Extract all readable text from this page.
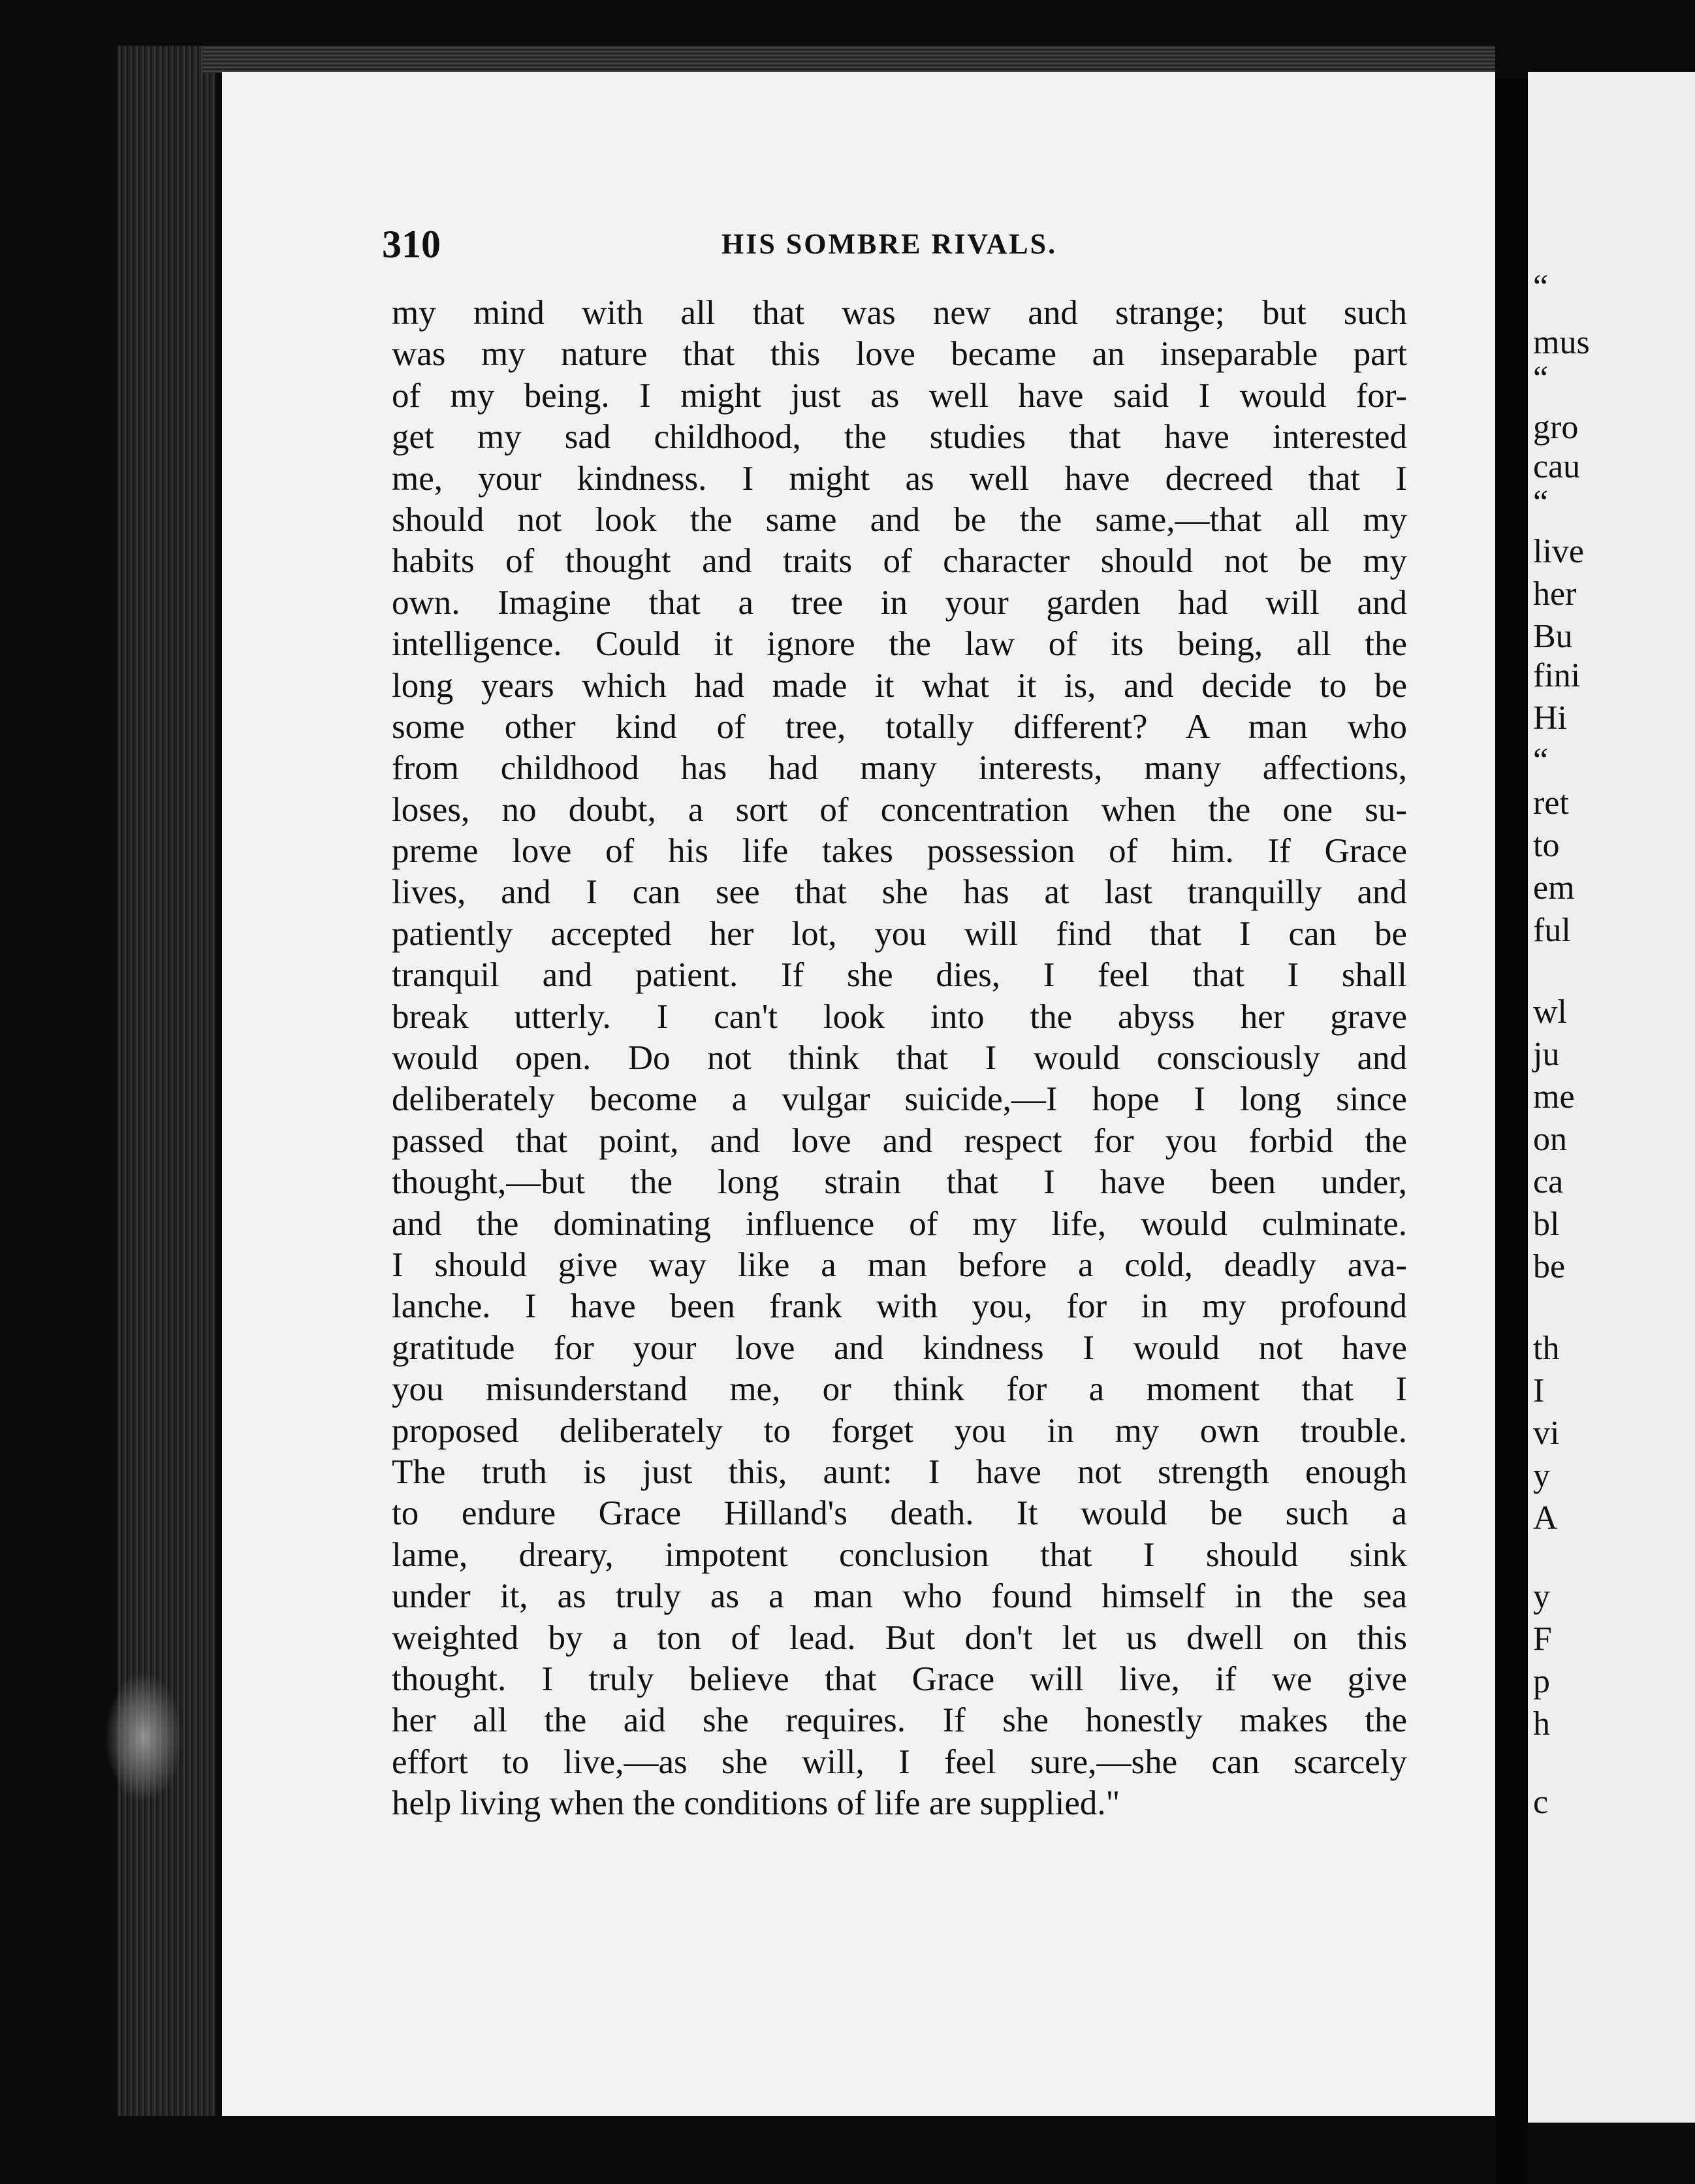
310	HIS SOMBRE RIVALS.
my mind with all that was new and strange; but such
was my nature that this love became an inseparable part
of my being. I might just as well have said I would for-
get my sad childhood, the studies that have interested
me, your kindness. I might as well have decreed that I
should not look the same and be the same,—that all my
habits of thought and traits of character should not be my
own. Imagine that a tree in your garden had will and
intelligence. Could it ignore the law of its being, all the
long years which had made it what it is, and decide to be
some other kind of tree, totally different? A man who
from childhood has had many interests, many affections,
loses, no doubt, a sort of concentration when the one su-
preme love of his life takes possession of him. If Grace
lives, and I can see that she has at last tranquilly and
patiently accepted her lot, you will find that I can be
tranquil and patient. If she dies, I feel that I shall
break utterly. I can't look into the abyss her grave
would open. Do not think that I would consciously and
deliberately become a vulgar suicide,—I hope I long since
passed that point, and love and respect for you forbid the
thought,—but the long strain that I have been under,
and the dominating influence of my life, would culminate.
I should give way like a man before a cold, deadly ava-
lanche. I have been frank with you, for in my profound
gratitude for your love and kindness I would not have
you misunderstand me, or think for a moment that I
proposed deliberately to forget you in my own trouble.
The truth is just this, aunt: I have not strength enough
to endure Grace Hilland's death. It would be such a
lame, dreary, impotent conclusion that I should sink
under it, as truly as a man who found himself in the sea
weighted by a ton of lead. But don't let us dwell on this
thought. I truly believe that Grace will live, if we give
her all the aid she requires. If she honestly makes the
effort to live,—as she will, I feel sure,—she can scarcely
help living when the conditions of life are supplied."
“
mus
“
gro
cau
“
live
her
Bu
fini
Hi
“
ret
to
em
ful
wl
ju
me
on
ca
bl
be
th
I
vi
y
A
y
F
p
h
c
